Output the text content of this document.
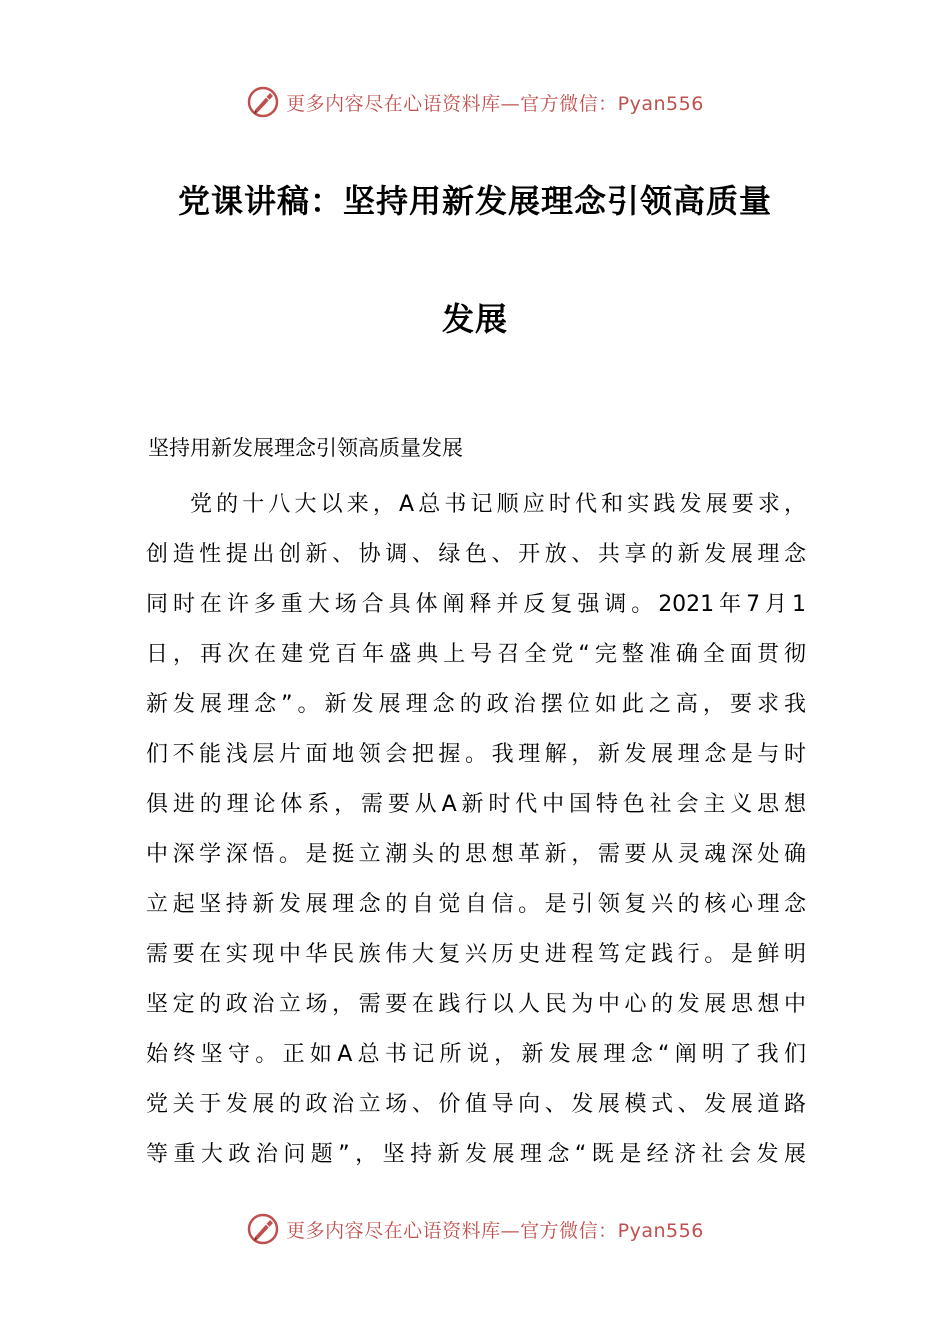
更多内容尽在心语资料库—官方微信：Pyan556
党课讲稿：坚持用新发展理念引领高质量
发展
坚持用新发展理念引领高质量发展
党的十八大以来，A总书记顺应时代和实践发展要求，
创造性提出创新、协调、绿色、开放、共享的新发展理念
同时在许多重大场合具体阐释并反复强调。2021年7月1
日，再次在建党百年盛典上号召全党“完整准确全面贯彻
新发展理念”。新发展理念的政治摆位如此之高，要求我
们不能浅层片面地领会把握。我理解，新发展理念是与时
俱进的理论体系，需要从A新时代中国特色社会主义思想
中深学深悟。是挺立潮头的思想革新，需要从灵魂深处确
立起坚持新发展理念的自觉自信。是引领复兴的核心理念
需要在实现中华民族伟大复兴历史进程笃定践行。是鲜明
坚定的政治立场，需要在践行以人民为中心的发展思想中
始终坚守。正如A总书记所说，新发展理念“阐明了我们
党关于发展的政治立场、价值导向、发展模式、发展道路
等重大政治问题”，坚持新发展理念“既是经济社会发展
更多内容尽在心语资料库—官方微信：Pyan556
